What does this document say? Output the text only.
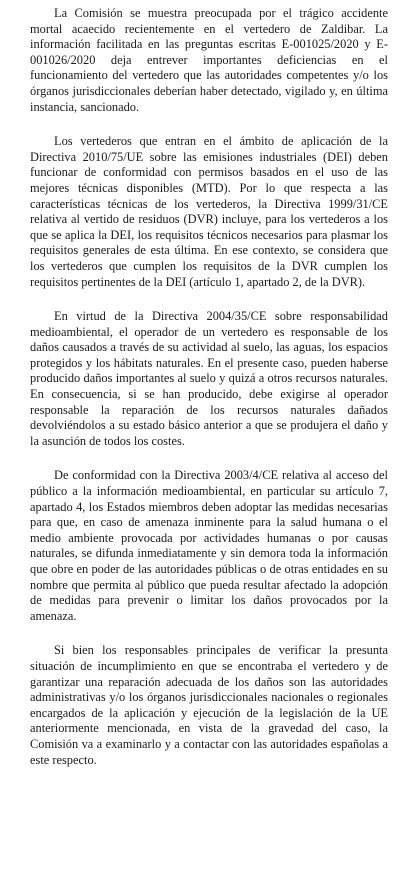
La Comisión se muestra preocupada por el trágico accidente mortal acaecido recientemente en el vertedero de Zaldibar. La información facilitada en las preguntas escritas E-001025/2020 y E-001026/2020 deja entrever importantes deficiencias en el funcionamiento del vertedero que las autoridades competentes y/o los órganos jurisdiccionales deberían haber detectado, vigilado y, en última instancia, sancionado.

Los vertederos que entran en el ámbito de aplicación de la Directiva 2010/75/UE sobre las emisiones industriales (DEI) deben funcionar de conformidad con permisos basados en el uso de las mejores técnicas disponibles (MTD). Por lo que respecta a las características técnicas de los vertederos, la Directiva 1999/31/CE relativa al vertido de residuos (DVR) incluye, para los vertederos a los que se aplica la DEI, los requisitos técnicos necesarios para plasmar los requisitos generales de esta última. En ese contexto, se considera que los vertederos que cumplen los requisitos de la DVR cumplen los requisitos pertinentes de la DEI (artículo 1, apartado 2, de la DVR).

En virtud de la Directiva 2004/35/CE sobre responsabilidad medioambiental, el operador de un vertedero es responsable de los daños causados a través de su actividad al suelo, las aguas, los espacios protegidos y los hábitats naturales. En el presente caso, pueden haberse producido daños importantes al suelo y quizá a otros recursos naturales. En consecuencia, si se han producido, debe exigirse al operador responsable la reparación de los recursos naturales dañados devolviéndolos a su estado básico anterior a que se produjera el daño y la asunción de todos los costes.

De conformidad con la Directiva 2003/4/CE relativa al acceso del público a la información medioambiental, en particular su artículo 7, apartado 4, los Estados miembros deben adoptar las medidas necesarias para que, en caso de amenaza inminente para la salud humana o el medio ambiente provocada por actividades humanas o por causas naturales, se difunda inmediatamente y sin demora toda la información que obre en poder de las autoridades públicas o de otras entidades en su nombre que permita al público que pueda resultar afectado la adopción de medidas para prevenir o limitar los daños provocados por la amenaza.

Si bien los responsables principales de verificar la presunta situación de incumplimiento en que se encontraba el vertedero y de garantizar una reparación adecuada de los daños son las autoridades administrativas y/o los órganos jurisdiccionales nacionales o regionales encargados de la aplicación y ejecución de la legislación de la UE anteriormente mencionada, en vista de la gravedad del caso, la Comisión va a examinarlo y a contactar con las autoridades españolas a este respecto.
